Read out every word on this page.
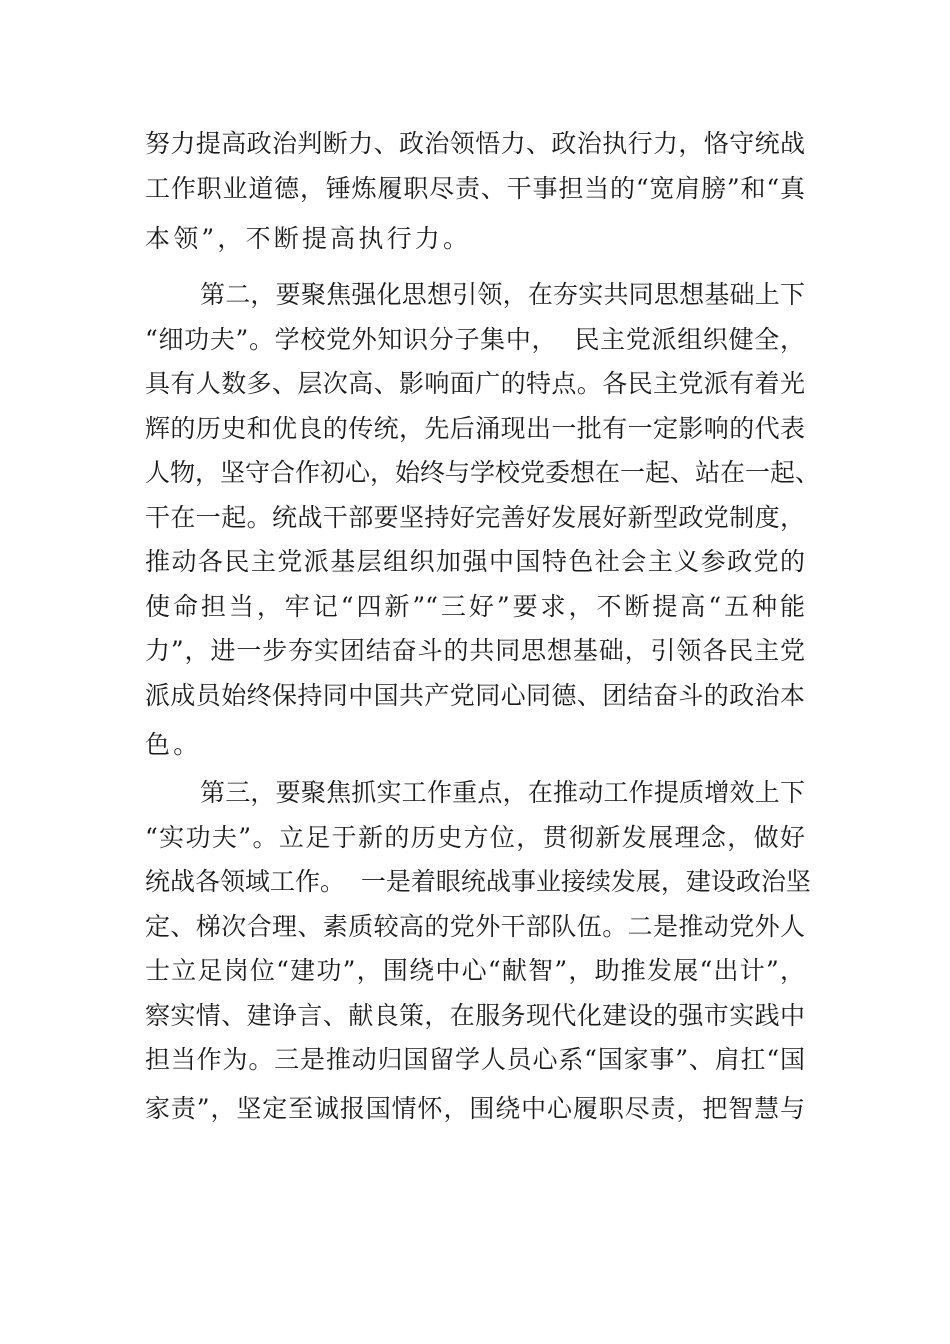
努力提高政治判断力、政治领悟力、政治执行力，恪守统战

工作职业道德，锤炼履职尽责、干事担当的“宽肩膀”和“真

本领”，不断提高执行力。

第二，要聚焦强化思想引领，在夯实共同思想基础上下

“细功夫”。学校党外知识分子集中，  民主党派组织健全，

具有人数多、层次高、影响面广的特点。各民主党派有着光

辉的历史和优良的传统，先后涌现出一批有一定影响的代表

人物，坚守合作初心，始终与学校党委想在一起、站在一起、

干在一起。统战干部要坚持好完善好发展好新型政党制度，

推动各民主党派基层组织加强中国特色社会主义参政党的

使命担当，牢记“四新”“三好”要求，不断提高“五种能

力”，进一步夯实团结奋斗的共同思想基础，引领各民主党

派成员始终保持同中国共产党同心同德、团结奋斗的政治本

色。

第三，要聚焦抓实工作重点，在推动工作提质增效上下

“实功夫”。立足于新的历史方位，贯彻新发展理念，做好

统战各领域工作。  一是着眼统战事业接续发展，建设政治坚

定、梯次合理、素质较高的党外干部队伍。二是推动党外人

士立足岗位“建功”，围绕中心“献智”，助推发展“出计”，

察实情、建诤言、献良策，在服务现代化建设的强市实践中

担当作为。三是推动归国留学人员心系“国家事”、肩扛“国

家责”，坚定至诚报国情怀，围绕中心履职尽责，把智慧与
